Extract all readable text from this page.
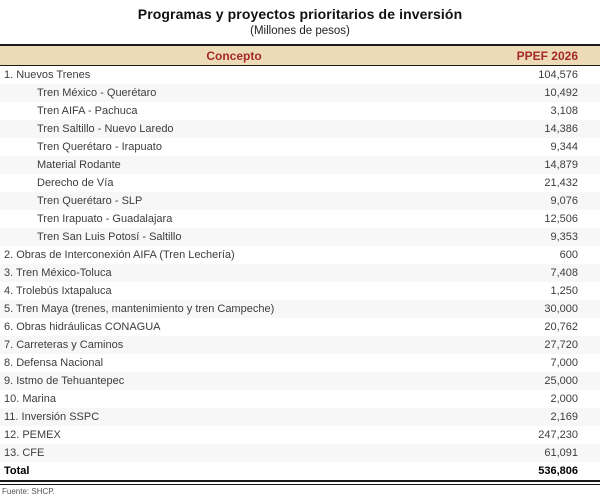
Programas y proyectos prioritarios de inversión
(Millones de pesos)
Concepto	PPEF 2026
1. Nuevos Trenes	104,576
Tren México - Querétaro	10,492
Tren AIFA - Pachuca	3,108
Tren Saltillo - Nuevo Laredo	14,386
Tren Querétaro - Irapuato	9,344
Material Rodante	14,879
Derecho de Vía	21,432
Tren Querétaro - SLP	9,076
Tren Irapuato - Guadalajara	12,506
Tren San Luis Potosí - Saltillo	9,353
2. Obras de Interconexión AIFA (Tren Lechería)	600
3. Tren México-Toluca	7,408
4. Trolebús Ixtapaluca	1,250
5. Tren Maya (trenes, mantenimiento y tren Campeche)	30,000
6. Obras hidráulicas CONAGUA	20,762
7. Carreteras y Caminos	27,720
8. Defensa Nacional	7,000
9. Istmo de Tehuantepec	25,000
10. Marina	2,000
11. Inversión SSPC	2,169
12. PEMEX	247,230
13. CFE	61,091
Total	536,806
Fuente: SHCP.
